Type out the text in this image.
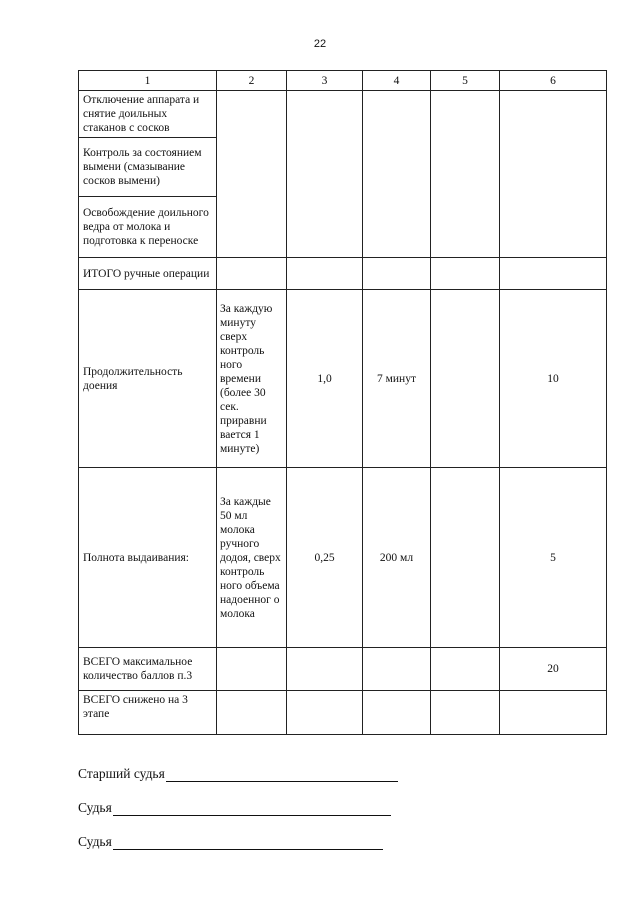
22
1	2	3	4	5	6
Отключение аппарата и снятие доильных стаканов с сосков					
Контроль за состоянием вымени (смазывание сосков вымени)					
Освобождение доильного ведра от молока и подготовка к переноске					
ИТОГО ручные операции					
Продолжительность доения	За каждую минуту сверх контроль ного времени (более 30 сек. приравни вается 1 минуте)	1,0	7 минут		10
Полнота выдаивания:	За каждые 50 мл молока ручного додоя, сверх контроль ного объема надоенног о молока	0,25	200 мл		5
ВСЕГО максимальное количество баллов п.3					20
ВСЕГО снижено на 3 этапе					
Старший судья
Судья
Судья
